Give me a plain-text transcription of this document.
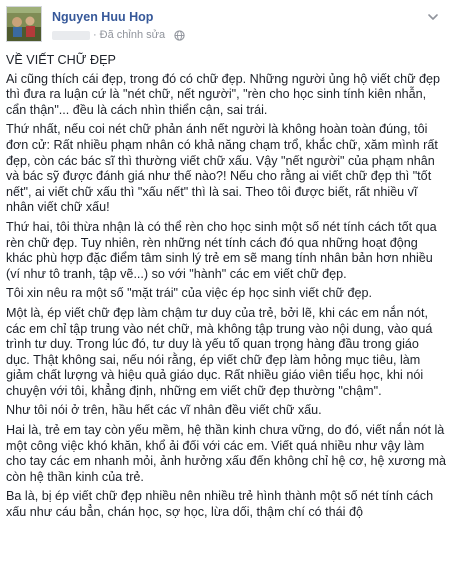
Nguyen Huu Hop
· Đã chỉnh sửa

VỀ VIẾT CHỮ ĐẸP

Ai cũng thích cái đẹp, trong đó có chữ đẹp. Những người ủng hộ viết chữ đẹp thì đưa ra luận cứ là "nét chữ, nết người", "rèn cho học sinh tính kiên nhẫn, cẩn thận"... đều là cách nhìn thiển cận, sai trái.

Thứ nhất, nếu coi nét chữ phản ánh nết người là không hoàn toàn đúng, tôi đơn cử: Rất nhiều phạm nhân có khả năng chạm trổ, khắc chữ, xăm mình rất đẹp, còn các bác sĩ thì thường viết chữ xấu. Vậy "nết người" của phạm nhân và bác sỹ được đánh giá như thế nào?! Nếu cho rằng ai viết chữ đẹp thì "tốt nết", ai viết chữ xấu thì "xấu nết" thì là sai. Theo tôi được biết, rất nhiều vĩ nhân viết chữ xấu!

Thứ hai, tôi thừa nhận là có thể rèn cho học sinh một số nét tính cách tốt qua rèn chữ đẹp. Tuy nhiên, rèn những nét tính cách đó qua những hoạt động khác phù hợp đặc điểm tâm sinh lý trẻ em sẽ mang tính nhân bản hơn nhiều (ví như tô tranh, tập vẽ...) so với "hành" các em viết chữ đẹp.

Tôi xin nêu ra một số "mặt trái" của việc ép học sinh viết chữ đẹp.

Một là, ép viết chữ đẹp làm chậm tư duy của trẻ, bởi lẽ, khi các em nắn nót, các em chỉ tập trung vào nét chữ, mà không tập trung vào nội dung, vào quá trình tư duy. Trong lúc đó, tư duy là yếu tố quan trọng hàng đầu trong giáo dục. Thật không sai, nếu nói rằng, ép viết chữ đẹp làm hỏng mục tiêu, làm giảm chất lượng và hiệu quả giáo dục. Rất nhiều giáo viên tiểu học, khi nói chuyện với tôi, khẳng định, những em viết chữ đẹp thường "chậm".

Như tôi nói ở trên, hầu hết các vĩ nhân đều viết chữ xấu.

Hai là, trẻ em tay còn yếu mềm, hệ thần kinh chưa vững, do đó, viết nắn nót là một công việc khó khăn, khổ ải đối với các em. Viết quá nhiều như vậy làm cho tay các em nhanh mỏi, ảnh hưởng xấu đến không chỉ hệ cơ, hệ xương mà còn hệ thần kinh của trẻ.

Ba là, bị ép viết chữ đẹp nhiều nên nhiều trẻ hình thành một số nét tính cách xấu như cáu bẳn, chán học, sợ học, lừa dối, thậm chí có thái độ
